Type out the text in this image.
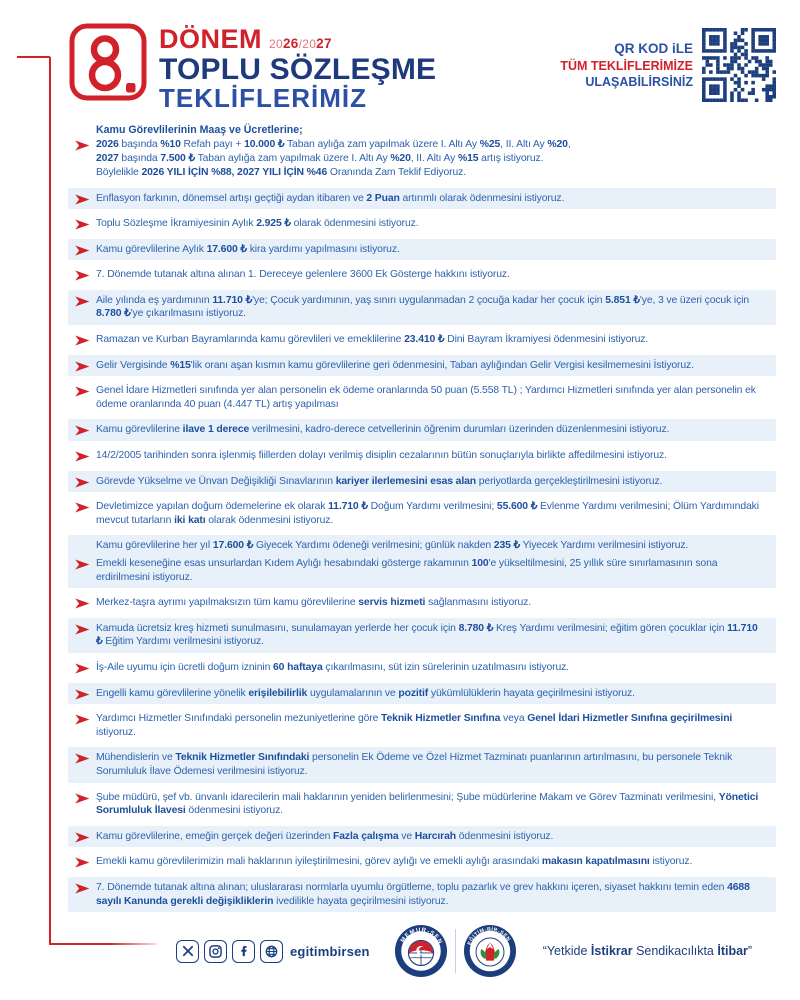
DÖNEM 2026/2027
TOPLU SÖZLEŞME
TEKLİFLERİMİZ
QR KOD iLE
TÜM TEKLİFLERİMİZE
ULAŞABİLİRSİNİZ
Kamu Görevlilerinin Maaş ve Ücretlerine;
2026 başında %10 Refah payı + 10.000 ₺ Taban aylığa zam yapılmak üzere I. Altı Ay %25, II. Altı Ay %20,
2027 başında 7.500 ₺ Taban aylığa zam yapılmak üzere I. Altı Ay %20, II. Altı Ay %15 artış istiyoruz.
Böylelikle 2026 YILI İÇİN %88, 2027 YILI İÇİN %46 Oranında Zam Teklif Ediyoruz.
Enflasyon farkının, dönemsel artışı geçtiği aydan itibaren ve 2 Puan artırımlı olarak ödenmesini istiyoruz.
Toplu Sözleşme İkramiyesinin Aylık 2.925 ₺ olarak ödenmesini istiyoruz.
Kamu görevlilerine Aylık 17.600 ₺ kira yardımı yapılmasını istiyoruz.
7. Dönemde tutanak altına alınan 1. Dereceye gelenlere 3600 Ek Gösterge hakkını istiyoruz.
Aile yılında eş yardımının 11.710 ₺'ye; Çocuk yardımının, yaş sınırı uygulanmadan 2 çocuğa kadar her çocuk için 5.851 ₺'ye, 3 ve üzeri çocuk için 8.780 ₺'ye çıkarılmasını istiyoruz.
Ramazan ve Kurban Bayramlarında kamu görevlileri ve emeklilerine 23.410 ₺ Dini Bayram İkramiyesi ödenmesini istiyoruz.
Gelir Vergisinde %15'lik oranı aşan kısmın kamu görevlilerine geri ödenmesini, Taban aylığından Gelir Vergisi kesilmemesini İstiyoruz.
Genel İdare Hizmetleri sınıfında yer alan personelin ek ödeme oranlarında 50 puan (5.558 TL) ; Yardımcı Hizmetleri sınıfında yer alan personelin ek ödeme oranlarında 40 puan (4.447 TL) artış yapılması
Kamu görevlilerine ilave 1 derece verilmesini, kadro-derece cetvellerinin öğrenim durumları üzerinden düzenlenmesini istiyoruz.
14/2/2005 tarihinden sonra işlenmiş fiillerden dolayı verilmiş disiplin cezalarının bütün sonuçlarıyla birlikte affedilmesini istiyoruz.
Görevde Yükselme ve Ünvan Değişikliği Sınavlarının kariyer ilerlemesini esas alan periyotlarda gerçekleştirilmesini istiyoruz.
Devletimizce yapılan doğum ödemelerine ek olarak 11.710 ₺ Doğum Yardımı verilmesini; 55.600 ₺ Evlenme Yardımı verilmesini; Ölüm Yardımındaki mevcut tutarların iki katı olarak ödenmesini istiyoruz.
Kamu görevlilerine her yıl 17.600 ₺ Giyecek Yardımı ödeneği verilmesini; günlük nakden 235 ₺ Yiyecek Yardımı verilmesini istiyoruz.
Emekli keseneğine esas unsurlardan Kıdem Aylığı hesabındaki gösterge rakamının 100'e yükseltilmesini, 25 yıllık süre sınırlamasının sona erdirilmesini istiyoruz.
Merkez-taşra ayrımı yapılmaksızın tüm kamu görevlilerine servis hizmeti sağlanmasını istiyoruz.
Kamuda ücretsiz kreş hizmeti sunulmasını, sunulamayan yerlerde her çocuk için 8.780 ₺ Kreş Yardımı verilmesini; eğitim gören çocuklar için 11.710 ₺ Eğitim Yardımı verilmesini istiyoruz.
İş-Aile uyumu için ücretli doğum izninin 60 haftaya çıkarılmasını, süt izin sürelerinin uzatılmasını istiyoruz.
Engelli kamu görevlilerine yönelik erişilebilirlik uygulamalarının ve pozitif yükümlülüklerin hayata geçirilmesini istiyoruz.
Yardımcı Hizmetler Sınıfındaki personelin mezuniyetlerine göre Teknik Hizmetler Sınıfına veya Genel İdari Hizmetler Sınıfına geçirilmesini istiyoruz.
Mühendislerin ve Teknik Hizmetler Sınıfındaki personelin Ek Ödeme ve Özel Hizmet Tazminatı puanlarının artırılmasını, bu personele Teknik Sorumluluk İlave Ödemesi verilmesini istiyoruz.
Şube müdürü, şef vb. ünvanlı idarecilerin mali haklarının yeniden belirlenmesini; Şube müdürlerine Makam ve Görev Tazminatı verilmesini, Yönetici Sorumluluk İlavesi ödenmesini istiyoruz.
Kamu görevlilerine, emeğin gerçek değeri üzerinden Fazla çalışma ve Harcırah ödenmesini istiyoruz.
Emekli kamu görevlilerimizin mali haklarının iyileştirilmesini, görev aylığı ve emekli aylığı arasındaki makasın kapatılmasını istiyoruz.
7. Dönemde tutanak altına alınan; uluslararası normlarla uyumlu örgütleme, toplu pazarlık ve grev hakkını içeren, siyaset hakkını temin eden 4688 sayılı Kanunda gerekli değişikliklerin ivedilikle hayata geçirilmesini istiyoruz.
egitimbirsen
MEMUR-SEN	EĞİTİM-BİR-SEN
“Yetkide İstikrar Sendikacılıkta İtibar”
